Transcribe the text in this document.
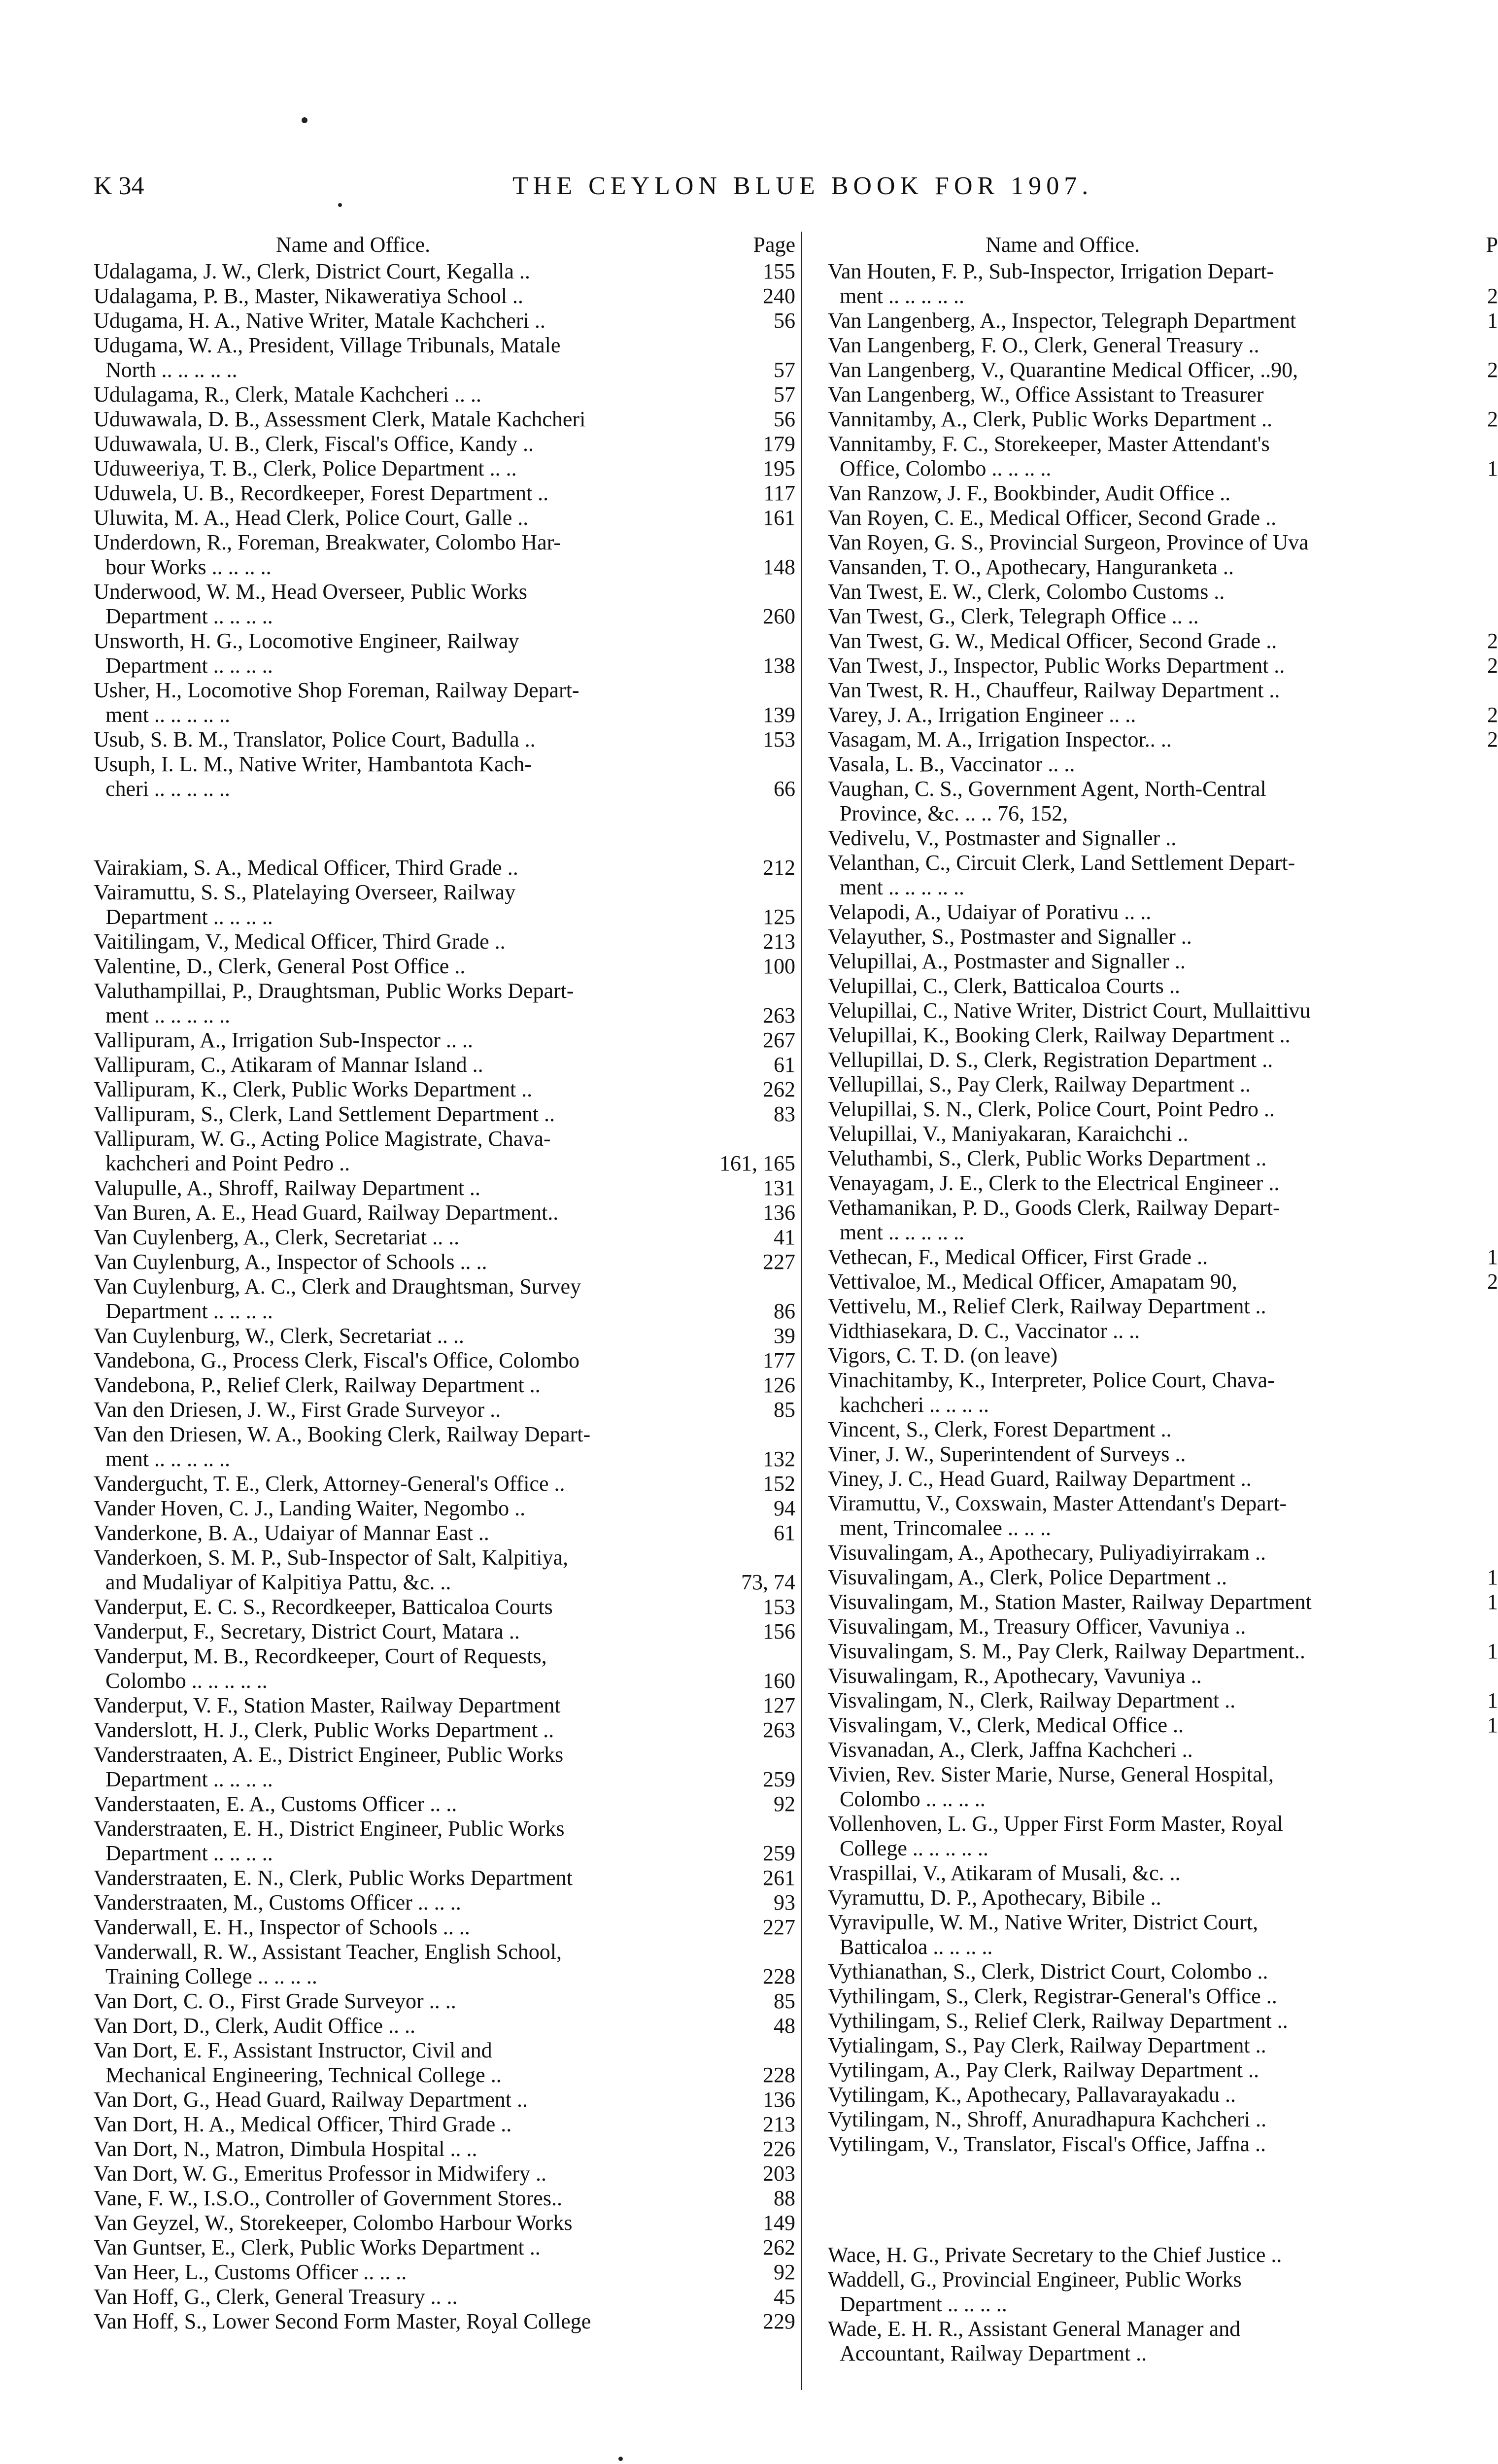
K 34	THE CEYLON BLUE BOOK FOR 1907.
Name and Office.	Page
Udalagama, J. W., Clerk, District Court, Kegalla ..	155
Udalagama, P. B., Master, Nikaweratiya School ..	240
Udugama, H. A., Native Writer, Matale Kachcheri ..	56
Udugama, W. A., President, Village Tribunals, Matale
North .. .. .. .. ..	57
Udulagama, R., Clerk, Matale Kachcheri .. ..	57
Uduwawala, D. B., Assessment Clerk, Matale Kachcheri	56
Uduwawala, U. B., Clerk, Fiscal's Office, Kandy ..	179
Uduweeriya, T. B., Clerk, Police Department .. ..	195
Uduwela, U. B., Recordkeeper, Forest Department ..	117
Uluwita, M. A., Head Clerk, Police Court, Galle ..	161
Underdown, R., Foreman, Breakwater, Colombo Har-
bour Works .. .. .. ..	148
Underwood, W. M., Head Overseer, Public Works
Department .. .. .. ..	260
Unsworth, H. G., Locomotive Engineer, Railway
Department .. .. .. ..	138
Usher, H., Locomotive Shop Foreman, Railway Depart-
ment .. .. .. .. ..	139
Usub, S. B. M., Translator, Police Court, Badulla ..	153
Usuph, I. L. M., Native Writer, Hambantota Kach-
cheri .. .. .. .. ..	66
Vairakiam, S. A., Medical Officer, Third Grade ..	212
Vairamuttu, S. S., Platelaying Overseer, Railway
Department .. .. .. ..	125
Vaitilingam, V., Medical Officer, Third Grade ..	213
Valentine, D., Clerk, General Post Office ..	100
Valuthampillai, P., Draughtsman, Public Works Depart-
ment .. .. .. .. ..	263
Vallipuram, A., Irrigation Sub-Inspector .. ..	267
Vallipuram, C., Atikaram of Mannar Island ..	61
Vallipuram, K., Clerk, Public Works Department ..	262
Vallipuram, S., Clerk, Land Settlement Department ..	83
Vallipuram, W. G., Acting Police Magistrate, Chava-
kachcheri and Point Pedro ..	161, 165
Valupulle, A., Shroff, Railway Department ..	131
Van Buren, A. E., Head Guard, Railway Department..	136
Van Cuylenberg, A., Clerk, Secretariat .. ..	41
Van Cuylenburg, A., Inspector of Schools .. ..	227
Van Cuylenburg, A. C., Clerk and Draughtsman, Survey
Department .. .. .. ..	86
Van Cuylenburg, W., Clerk, Secretariat .. ..	39
Vandebona, G., Process Clerk, Fiscal's Office, Colombo	177
Vandebona, P., Relief Clerk, Railway Department ..	126
Van den Driesen, J. W., First Grade Surveyor ..	85
Van den Driesen, W. A., Booking Clerk, Railway Depart-
ment .. .. .. .. ..	132
Vandergucht, T. E., Clerk, Attorney-General's Office ..	152
Vander Hoven, C. J., Landing Waiter, Negombo ..	94
Vanderkone, B. A., Udaiyar of Mannar East ..	61
Vanderkoen, S. M. P., Sub-Inspector of Salt, Kalpitiya,
and Mudaliyar of Kalpitiya Pattu, &c. ..	73, 74
Vanderput, E. C. S., Recordkeeper, Batticaloa Courts	153
Vanderput, F., Secretary, District Court, Matara ..	156
Vanderput, M. B., Recordkeeper, Court of Requests,
Colombo .. .. .. .. ..	160
Vanderput, V. F., Station Master, Railway Department	127
Vanderslott, H. J., Clerk, Public Works Department ..	263
Vanderstraaten, A. E., District Engineer, Public Works
Department .. .. .. ..	259
Vanderstaaten, E. A., Customs Officer .. ..	92
Vanderstraaten, E. H., District Engineer, Public Works
Department .. .. .. ..	259
Vanderstraaten, E. N., Clerk, Public Works Department	261
Vanderstraaten, M., Customs Officer .. .. ..	93
Vanderwall, E. H., Inspector of Schools .. ..	227
Vanderwall, R. W., Assistant Teacher, English School,
Training College .. .. .. ..	228
Van Dort, C. O., First Grade Surveyor .. ..	85
Van Dort, D., Clerk, Audit Office .. ..	48
Van Dort, E. F., Assistant Instructor, Civil and
Mechanical Engineering, Technical College ..	228
Van Dort, G., Head Guard, Railway Department ..	136
Van Dort, H. A., Medical Officer, Third Grade ..	213
Van Dort, N., Matron, Dimbula Hospital .. ..	226
Van Dort, W. G., Emeritus Professor in Midwifery ..	203
Vane, F. W., I.S.O., Controller of Government Stores..	88
Van Geyzel, W., Storekeeper, Colombo Harbour Works	149
Van Guntser, E., Clerk, Public Works Department ..	262
Van Heer, L., Customs Officer .. .. ..	92
Van Hoff, G., Clerk, General Treasury .. ..	45
Van Hoff, S., Lower Second Form Master, Royal College	229
Name and Office.	P
Van Houten, F. P., Sub-Inspector, Irrigation Depart-
ment .. .. .. .. ..	2
Van Langenberg, A., Inspector, Telegraph Department	1
Van Langenberg, F. O., Clerk, General Treasury ..
Van Langenberg, V., Quarantine Medical Officer, ..90,	2
Van Langenberg, W., Office Assistant to Treasurer
Vannitamby, A., Clerk, Public Works Department ..	2
Vannitamby, F. C., Storekeeper, Master Attendant's
Office, Colombo .. .. .. ..	1
Van Ranzow, J. F., Bookbinder, Audit Office ..
Van Royen, C. E., Medical Officer, Second Grade ..
Van Royen, G. S., Provincial Surgeon, Province of Uva
Vansanden, T. O., Apothecary, Hanguranketa ..
Van Twest, E. W., Clerk, Colombo Customs ..
Van Twest, G., Clerk, Telegraph Office .. ..
Van Twest, G. W., Medical Officer, Second Grade ..	2
Van Twest, J., Inspector, Public Works Department ..	2
Van Twest, R. H., Chauffeur, Railway Department ..
Varey, J. A., Irrigation Engineer .. ..	2
Vasagam, M. A., Irrigation Inspector.. ..	2
Vasala, L. B., Vaccinator .. ..
Vaughan, C. S., Government Agent, North-Central
Province, &c. .. .. 76, 152,
Vedivelu, V., Postmaster and Signaller ..
Velanthan, C., Circuit Clerk, Land Settlement Depart-
ment .. .. .. .. ..
Velapodi, A., Udaiyar of Porativu .. ..
Velayuther, S., Postmaster and Signaller ..
Velupillai, A., Postmaster and Signaller ..
Velupillai, C., Clerk, Batticaloa Courts ..
Velupillai, C., Native Writer, District Court, Mullaittivu
Velupillai, K., Booking Clerk, Railway Department ..
Vellupillai, D. S., Clerk, Registration Department ..
Vellupillai, S., Pay Clerk, Railway Department ..
Velupillai, S. N., Clerk, Police Court, Point Pedro ..
Velupillai, V., Maniyakaran, Karaichchi ..
Veluthambi, S., Clerk, Public Works Department ..
Venayagam, J. E., Clerk to the Electrical Engineer ..
Vethamanikan, P. D., Goods Clerk, Railway Depart-
ment .. .. .. .. ..
Vethecan, F., Medical Officer, First Grade ..	1
Vettivaloe, M., Medical Officer, Amapatam 90,	2
Vettivelu, M., Relief Clerk, Railway Department ..
Vidthiasekara, D. C., Vaccinator .. ..
Vigors, C. T. D. (on leave)
Vinachitamby, K., Interpreter, Police Court, Chava-
kachcheri .. .. .. ..
Vincent, S., Clerk, Forest Department ..
Viner, J. W., Superintendent of Surveys ..
Viney, J. C., Head Guard, Railway Department ..
Viramuttu, V., Coxswain, Master Attendant's Depart-
ment, Trincomalee .. .. ..
Visuvalingam, A., Apothecary, Puliyadiyirrakam ..
Visuvalingam, A., Clerk, Police Department ..	1
Visuvalingam, M., Station Master, Railway Department	1
Visuvalingam, M., Treasury Officer, Vavuniya ..
Visuvalingam, S. M., Pay Clerk, Railway Department..	1
Visuwalingam, R., Apothecary, Vavuniya ..
Visvalingam, N., Clerk, Railway Department ..	1
Visvalingam, V., Clerk, Medical Office ..	1
Visvanadan, A., Clerk, Jaffna Kachcheri ..
Vivien, Rev. Sister Marie, Nurse, General Hospital,
Colombo .. .. .. ..
Vollenhoven, L. G., Upper First Form Master, Royal
College .. .. .. .. ..
Vraspillai, V., Atikaram of Musali, &c. ..
Vyramuttu, D. P., Apothecary, Bibile ..
Vyravipulle, W. M., Native Writer, District Court,
Batticaloa .. .. .. ..
Vythianathan, S., Clerk, District Court, Colombo ..
Vythilingam, S., Clerk, Registrar-General's Office ..
Vythilingam, S., Relief Clerk, Railway Department ..
Vytialingam, S., Pay Clerk, Railway Department ..
Vytilingam, A., Pay Clerk, Railway Department ..
Vytilingam, K., Apothecary, Pallavarayakadu ..
Vytilingam, N., Shroff, Anuradhapura Kachcheri ..
Vytilingam, V., Translator, Fiscal's Office, Jaffna ..
Wace, H. G., Private Secretary to the Chief Justice ..
Waddell, G., Provincial Engineer, Public Works
Department .. .. .. ..
Wade, E. H. R., Assistant General Manager and
Accountant, Railway Department ..
